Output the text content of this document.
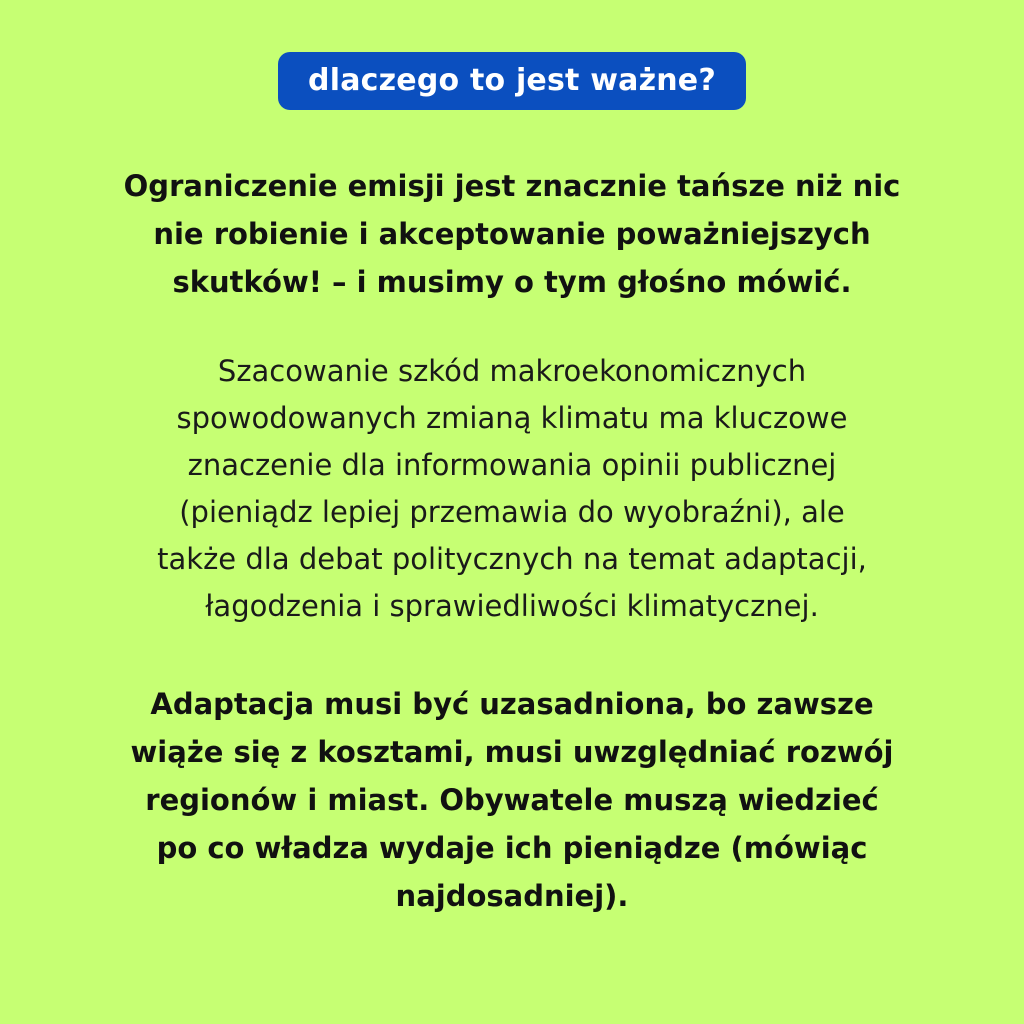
dlaczego to jest ważne?
Ograniczenie emisji jest znacznie tańsze niż nic
nie robienie i akceptowanie poważniejszych
skutków! – i musimy o tym głośno mówić.
Szacowanie szkód makroekonomicznych
spowodowanych zmianą klimatu ma kluczowe
znaczenie dla informowania opinii publicznej
(pieniądz lepiej przemawia do wyobraźni), ale
także dla debat politycznych na temat adaptacji,
łagodzenia i sprawiedliwości klimatycznej.
Adaptacja musi być uzasadniona, bo zawsze
wiąże się z kosztami, musi uwzględniać rozwój
regionów i miast. Obywatele muszą wiedzieć
po co władza wydaje ich pieniądze (mówiąc
najdosadniej).
